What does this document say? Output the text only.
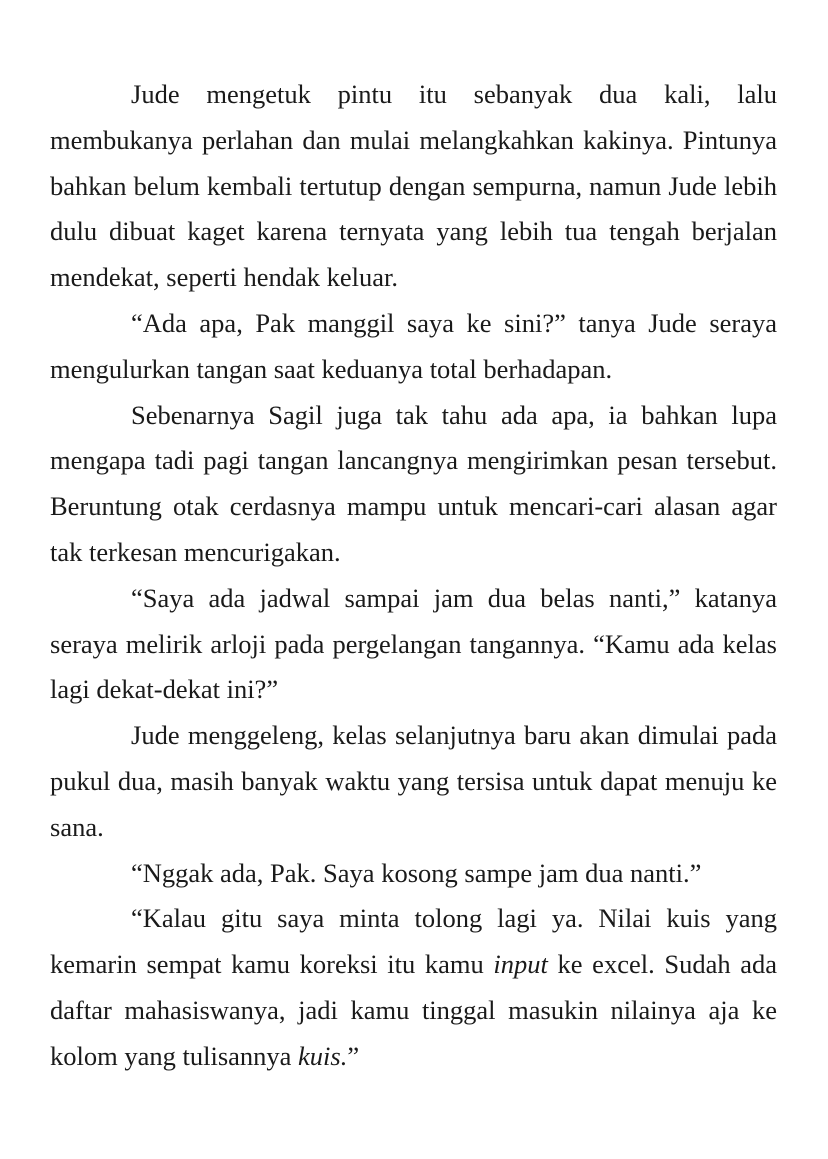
Jude mengetuk pintu itu sebanyak dua kali, lalu membukanya perlahan dan mulai melangkahkan kakinya. Pintunya bahkan belum kembali tertutup dengan sempurna, namun Jude lebih dulu dibuat kaget karena ternyata yang lebih tua tengah berjalan mendekat, seperti hendak keluar.

“Ada apa, Pak manggil saya ke sini?” tanya Jude seraya mengulurkan tangan saat keduanya total berhadapan.

Sebenarnya Sagil juga tak tahu ada apa, ia bahkan lupa mengapa tadi pagi tangan lancangnya mengirimkan pesan tersebut. Beruntung otak cerdasnya mampu untuk mencari-cari alasan agar tak terkesan mencurigakan.

“Saya ada jadwal sampai jam dua belas nanti,” katanya seraya melirik arloji pada pergelangan tangannya. “Kamu ada kelas lagi dekat-dekat ini?”

Jude menggeleng, kelas selanjutnya baru akan dimulai pada pukul dua, masih banyak waktu yang tersisa untuk dapat menuju ke sana.

“Nggak ada, Pak. Saya kosong sampe jam dua nanti.”

“Kalau gitu saya minta tolong lagi ya. Nilai kuis yang kemarin sempat kamu koreksi itu kamu input ke excel. Sudah ada daftar mahasiswanya, jadi kamu tinggal masukin nilainya aja ke kolom yang tulisannya kuis.”
